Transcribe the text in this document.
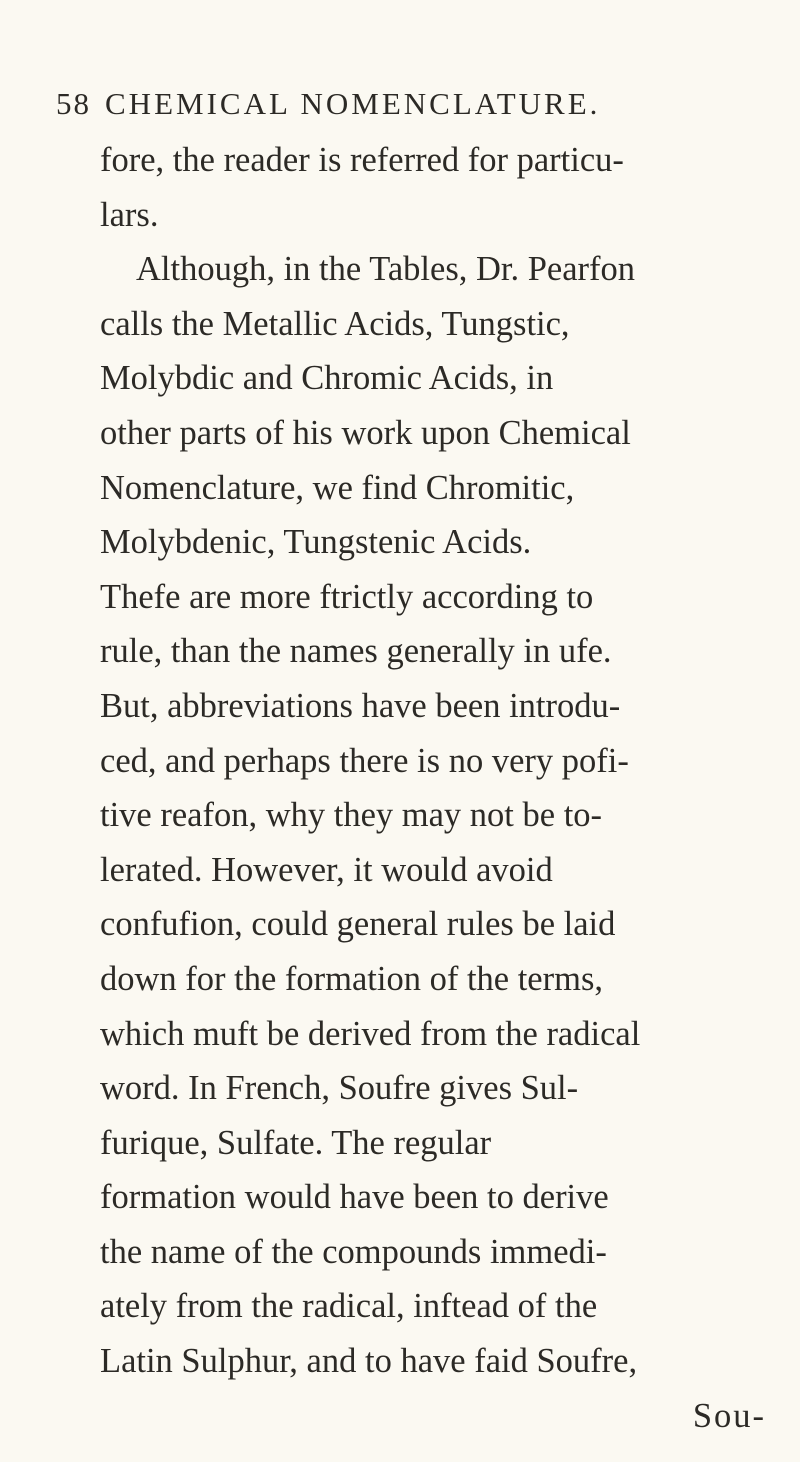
58 CHEMICAL NOMENCLATURE.
fore, the reader is referred for particu-
lars.
Although, in the Tables, Dr. Pearfon
calls the Metallic Acids, Tungstic,
Molybdic and Chromic Acids, in
other parts of his work upon Chemical
Nomenclature, we find Chromitic,
Molybdenic, Tungstenic Acids.
Thefe are more ftrictly according to
rule, than the names generally in ufe.
But, abbreviations have been introdu-
ced, and perhaps there is no very pofi-
tive reafon, why they may not be to-
lerated. However, it would avoid
confufion, could general rules be laid
down for the formation of the terms,
which muft be derived from the radical
word. In French, Soufre gives Sul-
furique, Sulfate. The regular
formation would have been to derive
the name of the compounds immedi-
ately from the radical, inftead of the
Latin Sulphur, and to have faid Soufre,
Sou-
